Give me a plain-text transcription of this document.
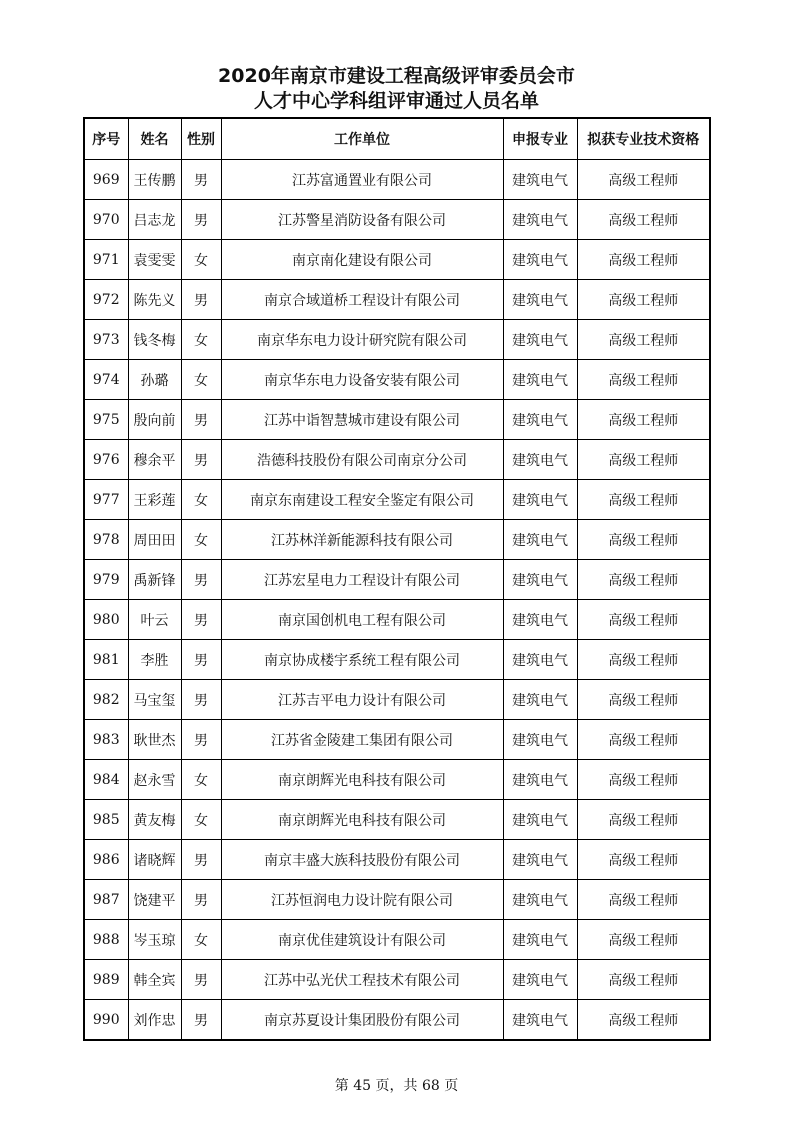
2020年南京市建设工程高级评审委员会市
人才中心学科组评审通过人员名单
序号	姓名	性别	工作单位	申报专业	拟获专业技术资格
969	王传鹏	男	江苏富通置业有限公司	建筑电气	高级工程师
970	吕志龙	男	江苏警星消防设备有限公司	建筑电气	高级工程师
971	袁雯雯	女	南京南化建设有限公司	建筑电气	高级工程师
972	陈先义	男	南京合域道桥工程设计有限公司	建筑电气	高级工程师
973	钱冬梅	女	南京华东电力设计研究院有限公司	建筑电气	高级工程师
974	孙璐	女	南京华东电力设备安装有限公司	建筑电气	高级工程师
975	殷向前	男	江苏中诣智慧城市建设有限公司	建筑电气	高级工程师
976	穆余平	男	浩德科技股份有限公司南京分公司	建筑电气	高级工程师
977	王彩莲	女	南京东南建设工程安全鉴定有限公司	建筑电气	高级工程师
978	周田田	女	江苏林洋新能源科技有限公司	建筑电气	高级工程师
979	禹新锋	男	江苏宏星电力工程设计有限公司	建筑电气	高级工程师
980	叶云	男	南京国创机电工程有限公司	建筑电气	高级工程师
981	李胜	男	南京协成楼宇系统工程有限公司	建筑电气	高级工程师
982	马宝玺	男	江苏吉平电力设计有限公司	建筑电气	高级工程师
983	耿世杰	男	江苏省金陵建工集团有限公司	建筑电气	高级工程师
984	赵永雪	女	南京朗辉光电科技有限公司	建筑电气	高级工程师
985	黄友梅	女	南京朗辉光电科技有限公司	建筑电气	高级工程师
986	诸晓辉	男	南京丰盛大族科技股份有限公司	建筑电气	高级工程师
987	饶建平	男	江苏恒润电力设计院有限公司	建筑电气	高级工程师
988	岑玉琼	女	南京优佳建筑设计有限公司	建筑电气	高级工程师
989	韩全宾	男	江苏中弘光伏工程技术有限公司	建筑电气	高级工程师
990	刘作忠	男	南京苏夏设计集团股份有限公司	建筑电气	高级工程师
第 45 页，共 68 页
